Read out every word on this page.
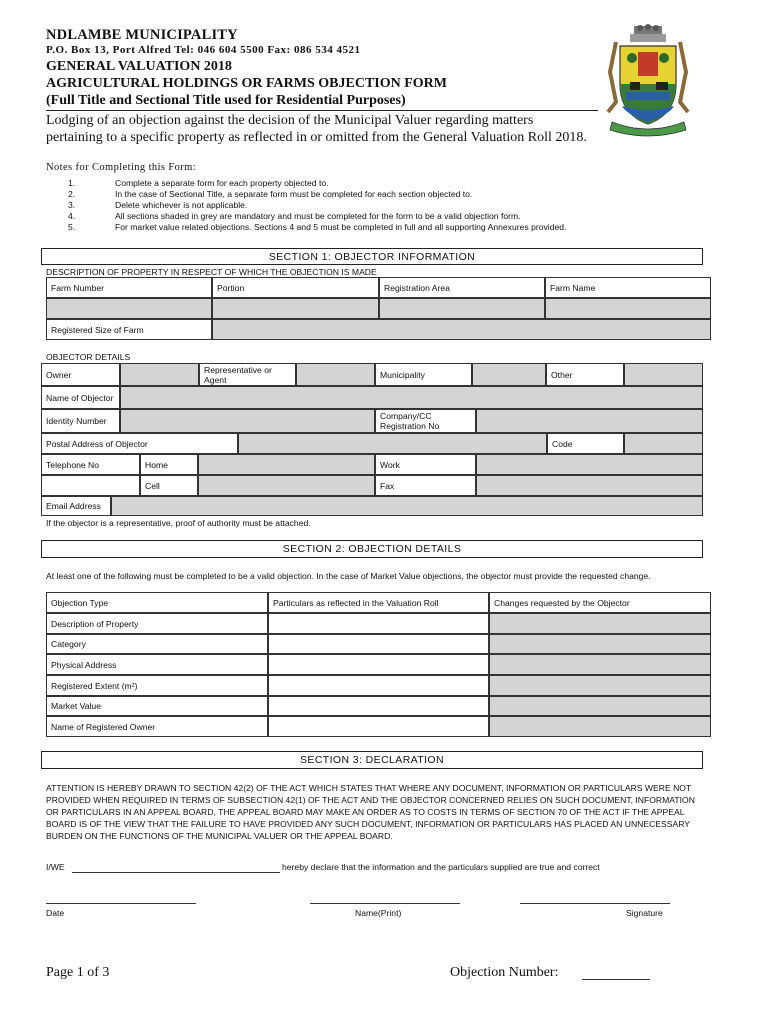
NDLAMBE MUNICIPALITY
P.O. Box 13, Port Alfred Tel: 046 604 5500 Fax: 086 534 4521
GENERAL VALUATION 2018
AGRICULTURAL HOLDINGS OR FARMS OBJECTION FORM
(Full Title and Sectional Title used for Residential Purposes)
Lodging of an objection against the decision of the Municipal Valuer regarding matters pertaining to a specific property as reflected in or omitted from the General Valuation Roll 2018.
Notes for Completing this Form:
1.	Complete a separate form for each property objected to.
2.	In the case of Sectional Title, a separate form must be completed for each section objected to.
3.	Delete whichever is not applicable.
4.	All sections shaded in grey are mandatory and must be completed for the form to be a valid objection form.
5.	For market value related objections. Sections 4 and 5 must be completed in full and all supporting Annexures provided.
SECTION 1: OBJECTOR INFORMATION
DESCRIPTION OF PROPERTY IN RESPECT OF WHICH THE OBJECTION IS MADE
Farm Number	Portion	Registration Area	Farm Name
Registered Size of Farm
OBJECTOR DETAILS
Owner	Representative or Agent	Municipality	Other
Name of Objector
Identity Number	Company/CC Registration No
Postal Address of Objector	Code
Telephone No	Home	Work
Cell	Fax
Email Address
If the objector is a representative, proof of authority must be attached.
SECTION 2: OBJECTION DETAILS
At least one of the following must be completed to be a valid objection. In the case of Market Value objections, the objector must provide the requested change.
Objection Type	Particulars as reflected in the Valuation Roll	Changes requested by the Objector
Description of Property
Category
Physical Address
Registered Extent (m²)
Market Value
Name of Registered Owner
SECTION 3: DECLARATION
ATTENTION IS HEREBY DRAWN TO SECTION 42(2) OF THE ACT WHICH STATES THAT WHERE ANY DOCUMENT, INFORMATION OR PARTICULARS WERE NOT PROVIDED WHEN REQUIRED IN TERMS OF SUBSECTION 42(1) OF THE ACT AND THE OBJECTOR CONCERNED RELIES ON SUCH DOCUMENT, INFORMATION OR PARTICULARS IN AN APPEAL BOARD, THE APPEAL BOARD MAY MAKE AN ORDER AS TO COSTS IN TERMS OF SECTION 70 OF THE ACT IF THE APPEAL BOARD IS OF THE VIEW THAT THE FAILURE TO HAVE PROVIDED ANY SUCH DOCUMENT, INFORMATION OR PARTICULARS HAS PLACED AN UNNECESSARY BURDEN ON THE FUNCTIONS OF THE MUNICIPAL VALUER OR THE APPEAL BOARD.
I/WE	hereby declare that the information and the particulars supplied are true and correct
Date	Name(Print)	Signature
Page 1 of 3	Objection Number:
